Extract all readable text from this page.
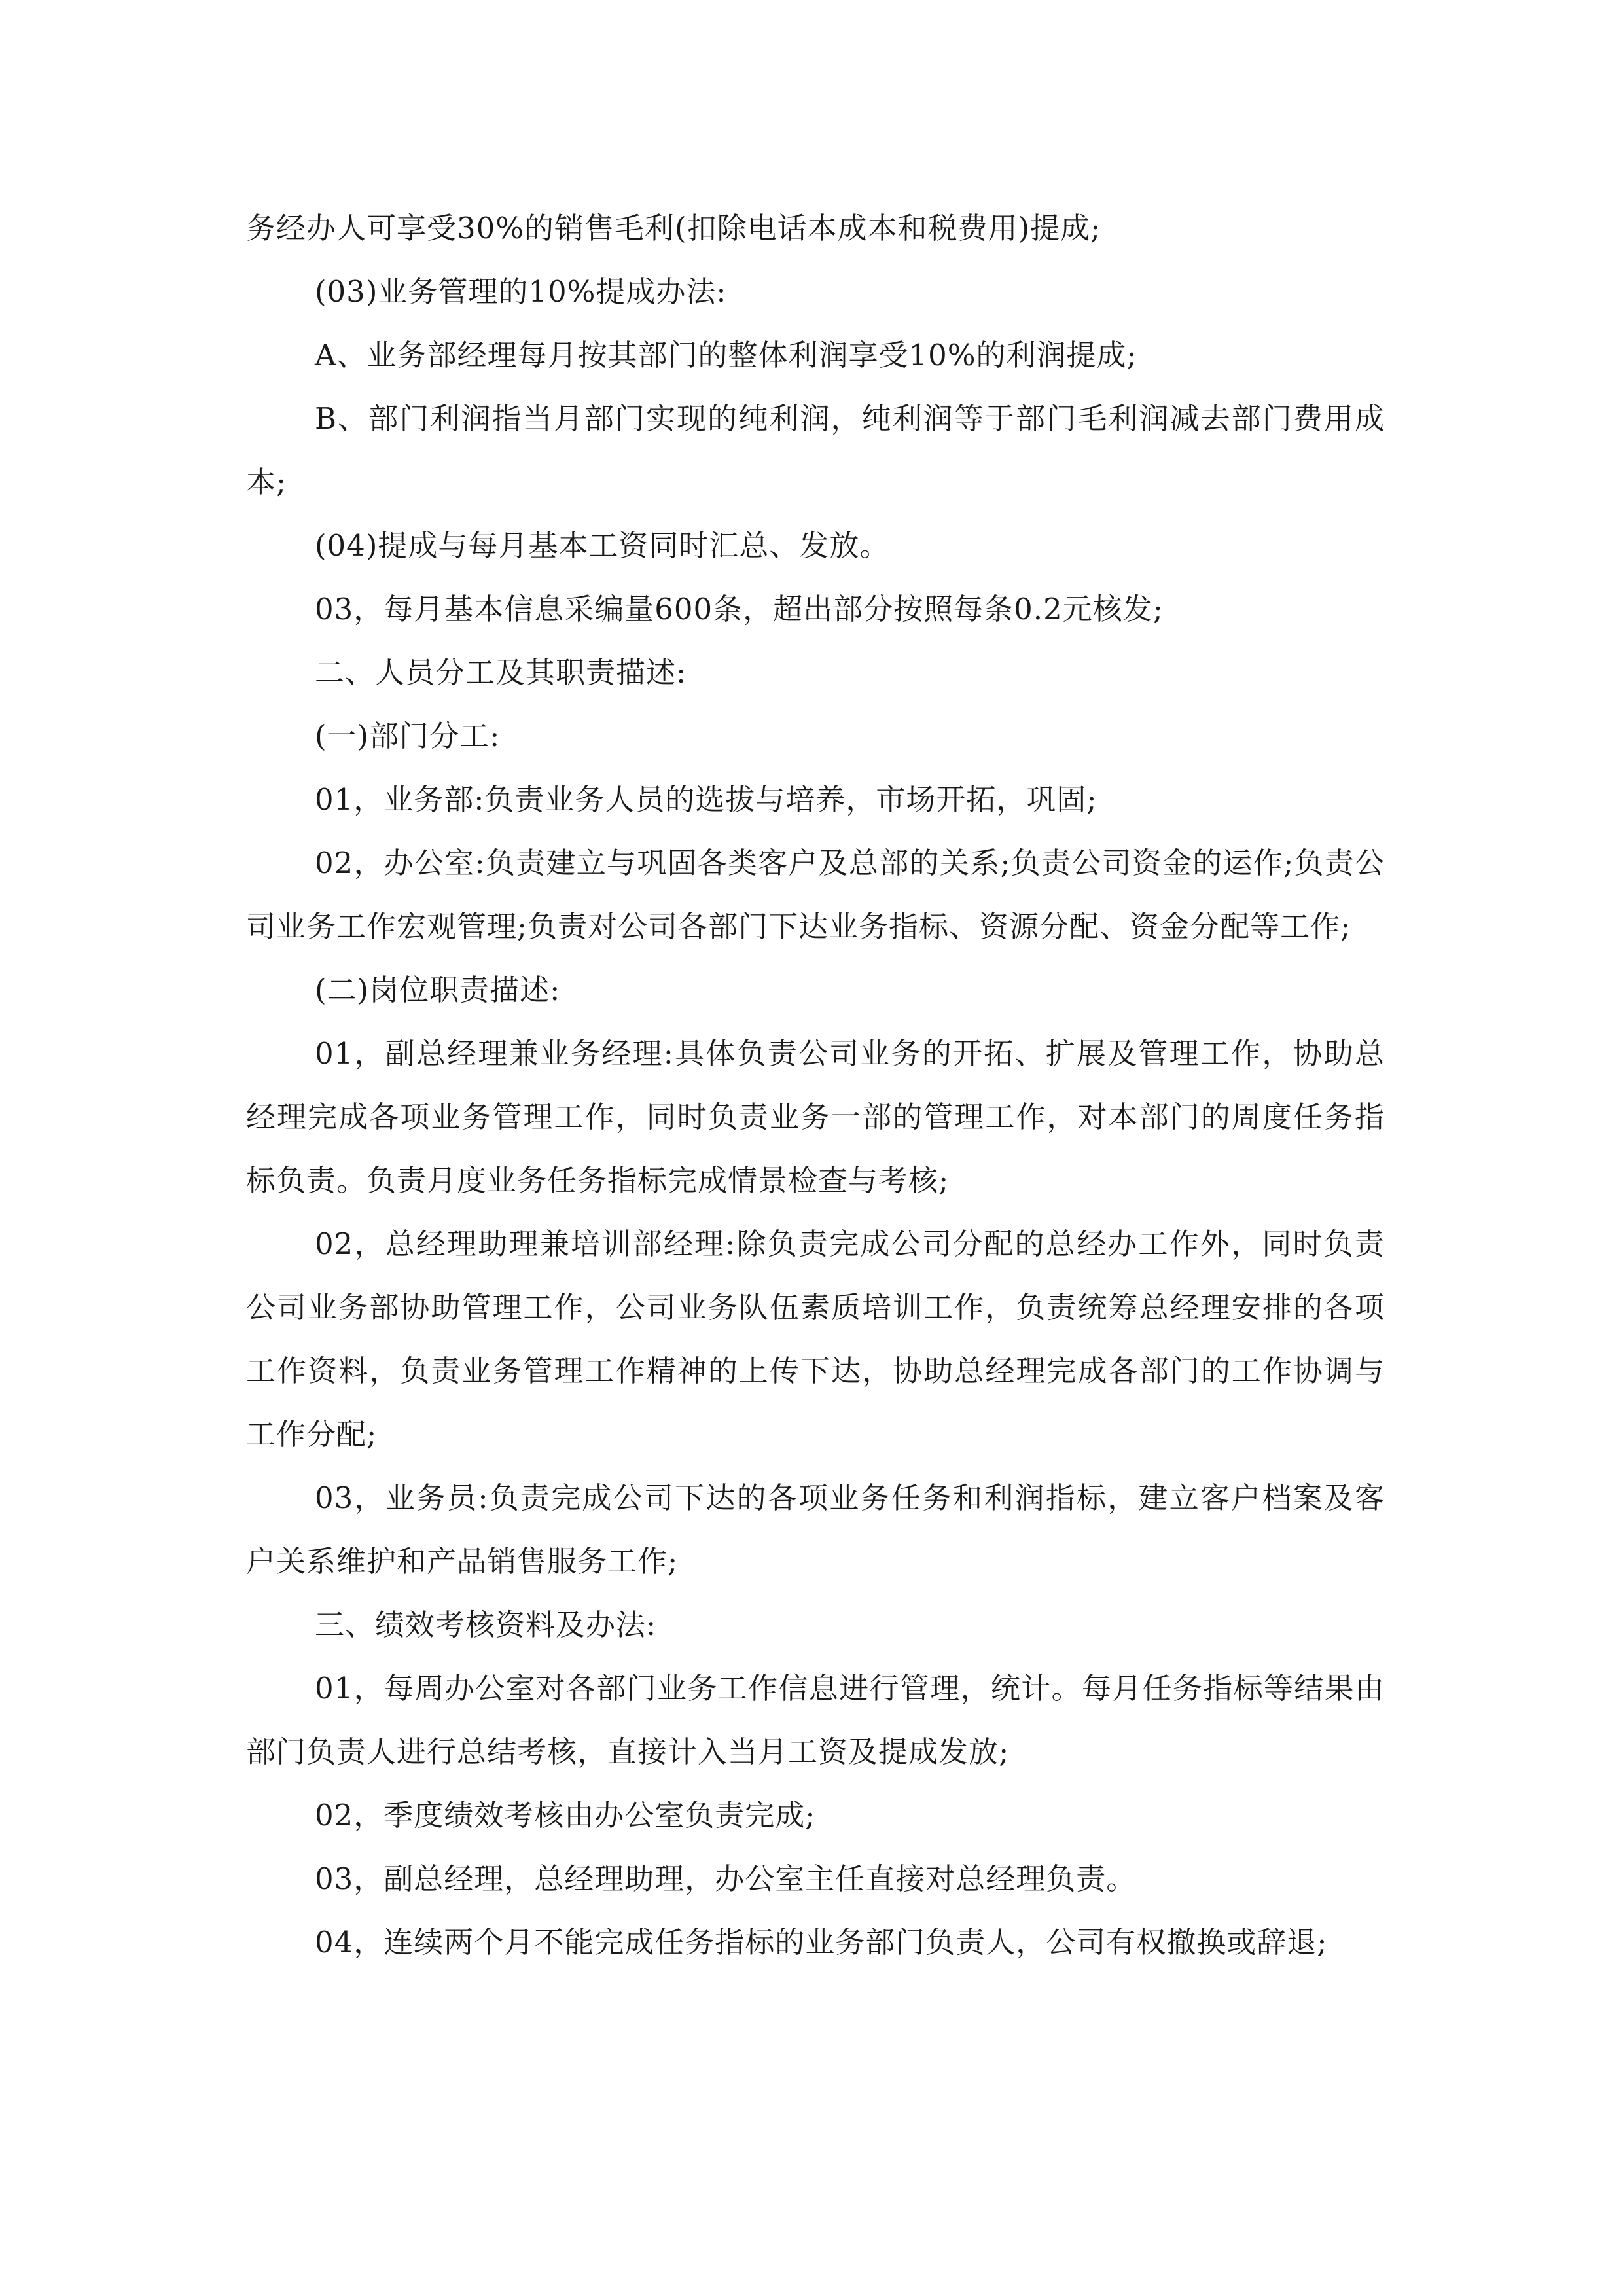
务经办人可享受30%的销售毛利(扣除电话本成本和税费用)提成;

(03)业务管理的10%提成办法:

A、业务部经理每月按其部门的整体利润享受10%的利润提成;

B、部门利润指当月部门实现的纯利润，纯利润等于部门毛利润减去部门费用成本;

(04)提成与每月基本工资同时汇总、发放。

03，每月基本信息采编量600条，超出部分按照每条0.2元核发;

二、人员分工及其职责描述:

(一)部门分工:

01，业务部:负责业务人员的选拔与培养，市场开拓，巩固;

02，办公室:负责建立与巩固各类客户及总部的关系;负责公司资金的运作;负责公司业务工作宏观管理;负责对公司各部门下达业务指标、资源分配、资金分配等工作;

(二)岗位职责描述:

01，副总经理兼业务经理:具体负责公司业务的开拓、扩展及管理工作，协助总经理完成各项业务管理工作，同时负责业务一部的管理工作，对本部门的周度任务指标负责。负责月度业务任务指标完成情景检查与考核;

02，总经理助理兼培训部经理:除负责完成公司分配的总经办工作外，同时负责公司业务部协助管理工作，公司业务队伍素质培训工作，负责统筹总经理安排的各项工作资料，负责业务管理工作精神的上传下达，协助总经理完成各部门的工作协调与工作分配;

03，业务员:负责完成公司下达的各项业务任务和利润指标，建立客户档案及客户关系维护和产品销售服务工作;

三、绩效考核资料及办法:

01，每周办公室对各部门业务工作信息进行管理，统计。每月任务指标等结果由部门负责人进行总结考核，直接计入当月工资及提成发放;

02，季度绩效考核由办公室负责完成;

03，副总经理，总经理助理，办公室主任直接对总经理负责。

04，连续两个月不能完成任务指标的业务部门负责人，公司有权撤换或辞退;
